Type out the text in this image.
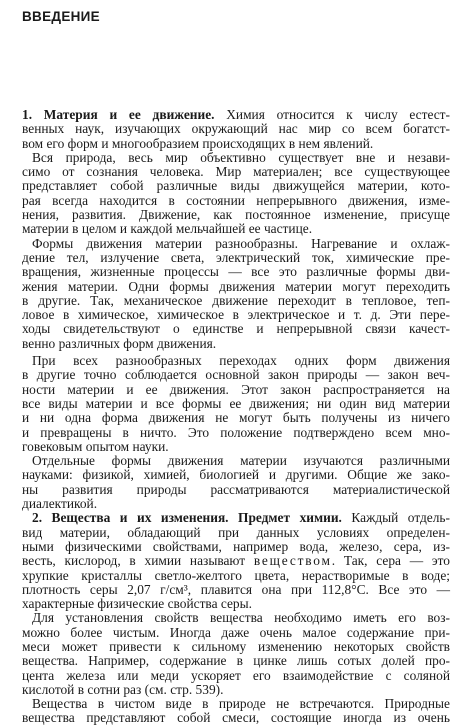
ВВЕДЕНИЕ
1. Материя и ее движение. Химия относится к числу естест-
венных наук, изучающих окружающий нас мир со всем богатст-
вом его форм и многообразием происходящих в нем явлений.
Вся природа, весь мир объективно существует вне и незави-
симо от сознания человека. Мир материален; все существующее
представляет собой различные виды движущейся материи, кото-
рая всегда находится в состоянии непрерывного движения, изме-
нения, развития. Движение, как постоянное изменение, присуще
материи в целом и каждой мельчайшей ее частице.
Формы движения материи разнообразны. Нагревание и охлаж-
дение тел, излучение света, электрический ток, химические пре-
вращения, жизненные процессы — все это различные формы дви-
жения материи. Одни формы движения материи могут переходить
в другие. Так, механическое движение переходит в тепловое, теп-
ловое в химическое, химическое в электрическое и т. д. Эти пере-
ходы свидетельствуют о единстве и непрерывной связи качест-
венно различных форм движения.
При всех разнообразных переходах одних форм движения
в другие точно соблюдается основной закон природы — закон веч-
ности материи и ее движения. Этот закон распространяется на
все виды материи и все формы ее движения; ни один вид материи
и ни одна форма движения не могут быть получены из ничего
и превращены в ничто. Это положение подтверждено всем мно-
говековым опытом науки.
Отдельные формы движения материи изучаются различными
науками: физикой, химией, биологией и другими. Общие же зако-
ны развития природы рассматриваются материалистической
диалектикой.
2. Вещества и их изменения. Предмет химии. Каждый отдель-
вид материи, обладающий при данных условиях определен-
ными физическими свойствами, например вода, железо, сера, из-
весть, кислород, в химии называют веществом. Так, сера — это
хрупкие кристаллы светло-желтого цвета, нерастворимые в воде;
плотность серы 2,07 г/см³, плавится она при 112,8°С. Все это —
характерные физические свойства серы.
Для установления свойств вещества необходимо иметь его воз-
можно более чистым. Иногда даже очень малое содержание при-
меси может привести к сильному изменению некоторых свойств
вещества. Например, содержание в цинке лишь сотых долей про-
цента железа или меди ускоряет его взаимодействие с соляной
кислотой в сотни раз (см. стр. 539).
Вещества в чистом виде в природе не встречаются. Природные
вещества представляют собой смеси, состоящие иногда из очень
